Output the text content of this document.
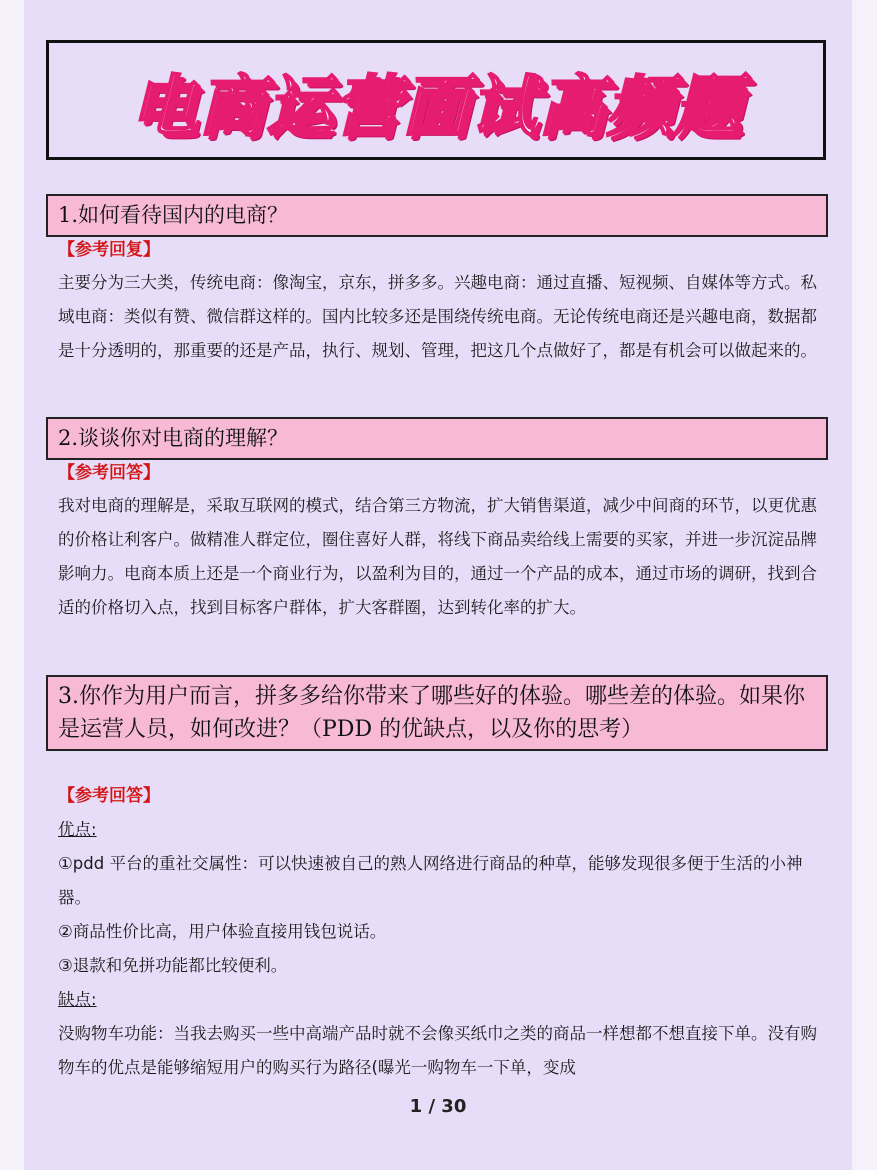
电商运营面试高频题
1.如何看待国内的电商？
【参考回复】

主要分为三大类，传统电商：像淘宝，京东，拼多多。兴趣电商：通过直播、短视频、自媒体等方式。私域电商：类似有赞、微信群这样的。国内比较多还是围绕传统电商。无论传统电商还是兴趣电商，数据都是十分透明的，那重要的还是产品，执行、规划、管理，把这几个点做好了，都是有机会可以做起来的。

2.谈谈你对电商的理解？
【参考回答】

我对电商的理解是，采取互联网的模式，结合第三方物流，扩大销售渠道，减少中间商的环节，以更优惠的价格让利客户。做精准人群定位，圈住喜好人群，将线下商品卖给线上需要的买家，并进一步沉淀品牌影响力。电商本质上还是一个商业行为，以盈利为目的，通过一个产品的成本，通过市场的调研，找到合适的价格切入点，找到目标客户群体，扩大客群圈，达到转化率的扩大。

3.你作为用户而言，拼多多给你带来了哪些好的体验。哪些差的体验。如果你是运营人员，如何改进？（PDD 的优缺点，以及你的思考）
【参考回答】
优点:

①pdd 平台的重社交属性：可以快速被自己的熟人网络进行商品的种草，能够发现很多便于生活的小神器。

②商品性价比高，用户体验直接用钱包说话。
③退款和免拼功能都比较便利。
缺点:

没购物车功能：当我去购买一些中高端产品时就不会像买纸巾之类的商品一样想都不想直接下单。没有购物车的优点是能够缩短用户的购买行为路径(曝光一购物车一下单，变成

1 / 30
